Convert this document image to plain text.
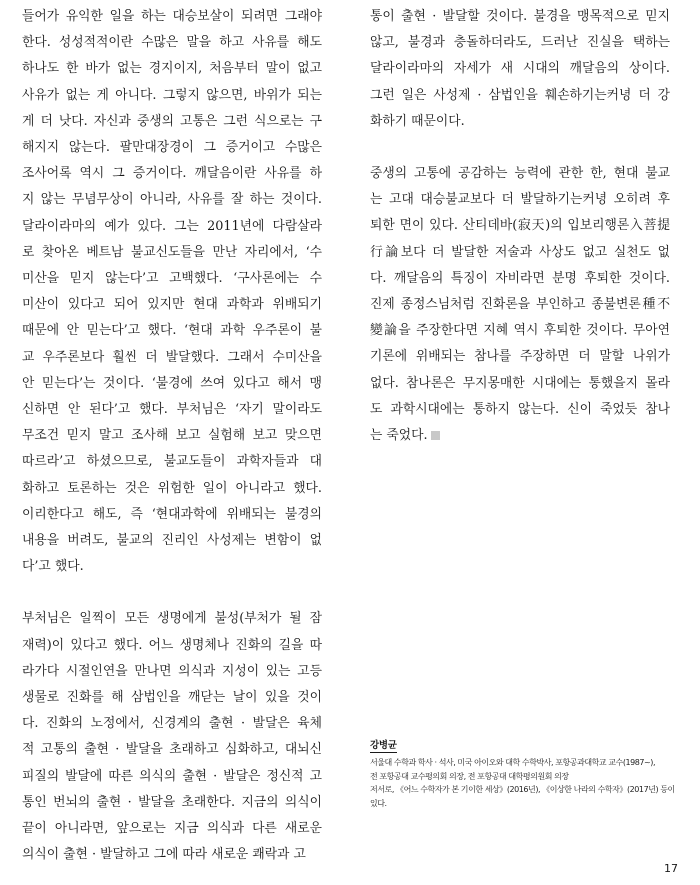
들어가 유익한 일을 하는 대승보살이 되려면 그래야

한다. 성성적적이란 수많은 말을 하고 사유를 해도

하나도 한 바가 없는 경지이지, 처음부터 말이 없고

사유가 없는 게 아니다. 그렇지 않으면, 바위가 되는

게 더 낫다. 자신과 중생의 고통은 그런 식으로는 구

해지지 않는다. 팔만대장경이 그 증거이고 수많은

조사어록 역시 그 증거이다. 깨달음이란 사유를 하

지 않는 무념무상이 아니라, 사유를 잘 하는 것이다.

달라이라마의 예가 있다. 그는 2011년에 다람살라

로 찾아온 베트남 불교신도들을 만난 자리에서, ‘수

미산을 믿지 않는다’고 고백했다. ‘구사론에는 수

미산이 있다고 되어 있지만 현대 과학과 위배되기

때문에 안 믿는다’고 했다. ‘현대 과학 우주론이 불

교 우주론보다 훨씬 더 발달했다. 그래서 수미산을

안 믿는다’는 것이다. ‘불경에 쓰여 있다고 해서 맹

신하면 안 된다’고 했다. 부처님은 ‘자기 말이라도

무조건 믿지 말고 조사해 보고 실험해 보고 맞으면

따르라’고 하셨으므로, 불교도들이 과학자들과 대

화하고 토론하는 것은 위험한 일이 아니라고 했다.

이리한다고 해도, 즉 ‘현대과학에 위배되는 불경의

내용을 버려도, 불교의 진리인 사성제는 변함이 없

다’고 했다.

부처님은 일찍이 모든 생명에게 불성(부처가 될 잠

재력)이 있다고 했다. 어느 생명체나 진화의 길을 따

라가다 시절인연을 만나면 의식과 지성이 있는 고등

생물로 진화를 해 삼법인을 깨닫는 날이 있을 것이

다. 진화의 노정에서, 신경계의 출현 · 발달은 육체

적 고통의 출현 · 발달을 초래하고 심화하고, 대뇌신

피질의 발달에 따른 의식의 출현 · 발달은 정신적 고

통인 번뇌의 출현 · 발달을 초래한다. 지금의 의식이

끝이 아니라면, 앞으로는 지금 의식과 다른 새로운

의식이 출현 · 발달하고 그에 따라 새로운 쾌락과 고

통이 출현 · 발달할 것이다. 불경을 맹목적으로 믿지

않고, 불경과 충돌하더라도, 드러난 진실을 택하는

달라이라마의 자세가 새 시대의 깨달음의 상이다.

그런 일은 사성제 · 삼법인을 훼손하기는커녕 더 강

화하기 때문이다.

중생의 고통에 공감하는 능력에 관한 한, 현대 불교

는 고대 대승불교보다 더 발달하기는커녕 오히려 후

퇴한 면이 있다. 산티데바(寂天)의 입보리행론入菩提

行論보다 더 발달한 저술과 사상도 없고 실천도 없

다. 깨달음의 특징이 자비라면 분명 후퇴한 것이다.

진제 종정스님처럼 진화론을 부인하고 종불변론種不

變論을 주장한다면 지혜 역시 후퇴한 것이다. 무아연

기론에 위배되는 참나를 주장하면 더 말할 나위가

없다. 참나론은 무지몽매한 시대에는 통했을지 몰라

도 과학시대에는 통하지 않는다. 신이 죽었듯 참나

는 죽었다.

강병균
서울대 수학과 학사 · 석사, 미국 아이오와 대학 수학박사, 포항공과대학교 교수(1987~),
전 포항공대 교수평의회 의장, 전 포항공대 대학평의원회 의장
저서로, 《어느 수학자가 본 기이한 세상》(2016년), 《이상한 나라의 수학자》(2017년) 등이
있다.
17
